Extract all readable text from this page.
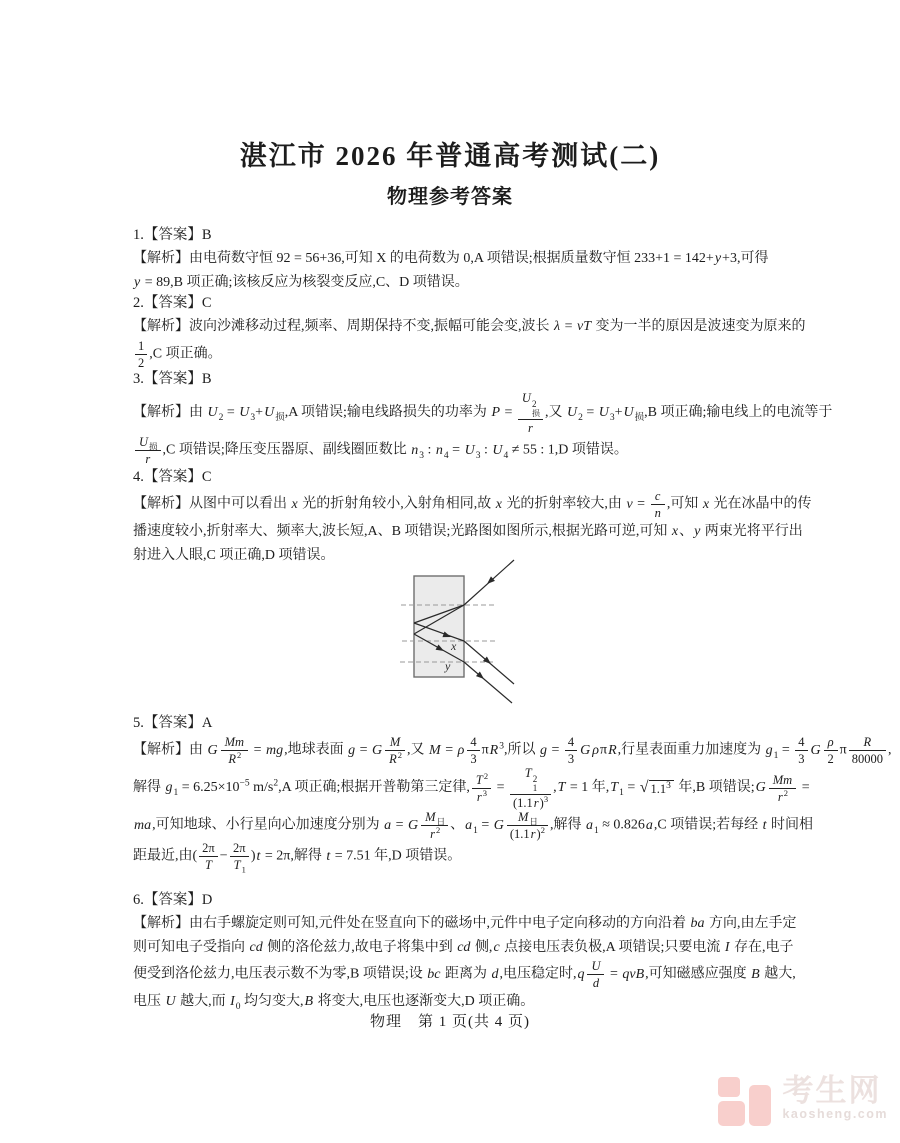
湛江市 2026 年普通高考测试(二)
物理参考答案
1.【答案】B
【解析】由电荷数守恒 92 = 56+36,可知 X 的电荷数为 0,A 项错误;根据质量数守恒 233+1 = 142+y+3,可得
y = 89,B 项正确;该核反应为核裂变反应,C、D 项错误。
2.【答案】C
【解析】波向沙滩移动过程,频率、周期保持不变,振幅可能会变,波长 λ = vT 变为一半的原因是波速变为原来的
$\frac{1}{2} ,C$ 项正确。
3.【答案】B
【解析】由 $U_2 = U_3+U_损,A$ 项错误;输电线路损失的功率为 P = U 2
损
r ,又 $U_2 = U_3+U_损,B$ 项正确;输电线上的电流等于
$\frac{U_损}{r} ,C$ 项错误;降压变压器原、副线圈匝数比 $n_3$ : $n_4 = U_3$ : $U_4 \ne 55$ : 1,D 项错误。
4.【答案】C
【解析】从图中可以看出 x 光的折射角较小,入射角相同,故 x 光的折射率较大,由 $v = \frac{c}{n}$ ,可知 x 光在冰晶中的传
播速度较小,折射率大、频率大,波长短,A、B 项错误;光路图如图所示,根据光路可逆,可知 x、y 两束光将平行出
射进入人眼,C 项正确,D 项错误。
5.【答案】A
【解析】由 G $\frac{Mm}{R^2}$ = mg,地球表面 g = G $\frac{M}{R^2}$ ,又 M = ρ $\frac{4}{3} \pi R^3$,所以 $g = \frac{4}{3}$ G ρπR,行星表面重力加速度为 $g_1 = \frac{4}{3}$ G $\frac{\rho}{2}$ π $\frac{R}{80000}$ ,
解得 $g_1 = 6.25\times 10^{-5}$ $m/s^2,A$ 项正确;根据开普勒第三定律, $\frac{T^2}{r^3} = T$ 2
1
$(1.1r)^3$ ,T = 1 年$,T_1$ = √ $1.1^3$ 年,B 项错误;G $\frac{Mm}{r^2}$ =
ma,可知地球、小行星向心加速度分别为 a = G $\frac{M_日}{r^2}$ 、$a_1 = G \frac{M_日}{(1.1r)^2}$ ,解得 $a_1 \approx 0.826a,C$ 项错误;若每经 t 时间相
距最近,由( $\frac{2\pi}{T} - \frac{2\pi}{T_1} )t = 2\pi$,解得 t = 7.51 年,D 项错误。
6.【答案】D
【解析】由右手螺旋定则可知,元件处在竖直向下的磁场中,元件中电子定向移动的方向沿着 ba 方向,由左手定
则可知电子受指向 cd 侧的洛伦兹力,故电子将集中到 cd 侧,c 点接电压表负极,A 项错误;只要电流 I 存在,电子
便受到洛伦兹力,电压表示数不为零,B 项错误;设 bc 距离为 d,电压稳定时$,q \frac{U}{d}$ = qvB,可知磁感应强度 B 越大,
电压 U 越大,而 $I_0$ 均匀变大,B 将变大,电压也逐渐变大,D 项正确。
x
y
物理　第 1 页(共 4 页)
考生网
kaosheng.com
